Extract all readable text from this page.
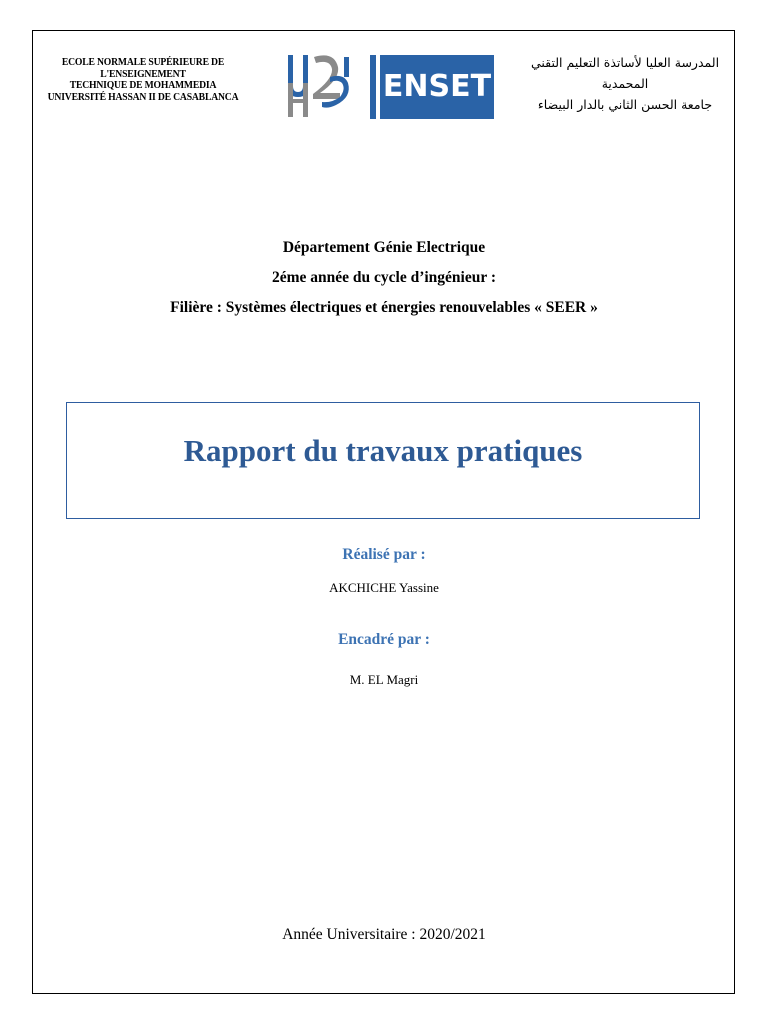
ECOLE NORMALE SUPÉRIEURE DE
L'ENSEIGNEMENT
TECHNIQUE DE MOHAMMEDIA
UNIVERSITÉ HASSAN II DE CASABLANCA	ENSET
المدرسة العليا لأساتذة التعليم التقني
المحمدية
جامعة الحسن الثاني بالدار البيضاء
Département Génie Electrique
2éme année du cycle d’ingénieur :
Filière : Systèmes électriques et énergies renouvelables « SEER »
Rapport du travaux pratiques
Réalisé par :
AKCHICHE Yassine
Encadré par :
M. EL Magri
Année Universitaire : 2020/2021
